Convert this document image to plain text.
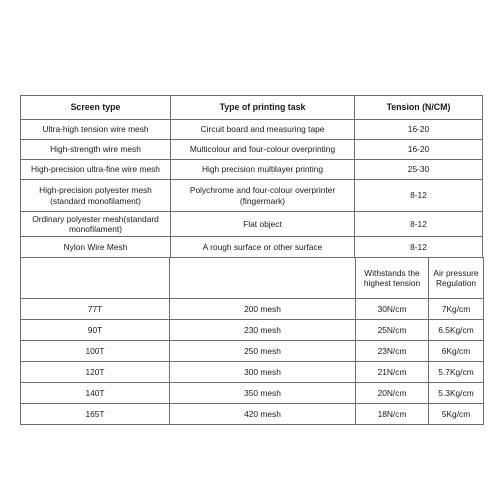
Screen type	Type of printing task	Tension (N/CM)
Ultra-high tension wire mesh	Circuit board and measuring tape	16-20
High-strength wire mesh	Multicolour and four-colour overprinting	16-20
High-precision ultra-fine wire mesh	High precision multilayer printing	25-30
High-precision polyester mesh (standard monofilament)	Polychrome and four-colour overprinter (fingermark)	8-12
Ordinary polyester mesh(standard monofilament)	Flat object	8-12
Nylon Wire Mesh	A rough surface or other surface	8-12
		Withstands the highest tension	Air pressure Regulation
77T	200 mesh	30N/cm	7Kg/cm
90T	230 mesh	25N/cm	6.5Kg/cm
100T	250 mesh	23N/cm	6Kg/cm
120T	300 mesh	21N/cm	5.7Kg/cm
140T	350 mesh	20N/cm	5.3Kg/cm
165T	420 mesh	18N/cm	5Kg/cm
